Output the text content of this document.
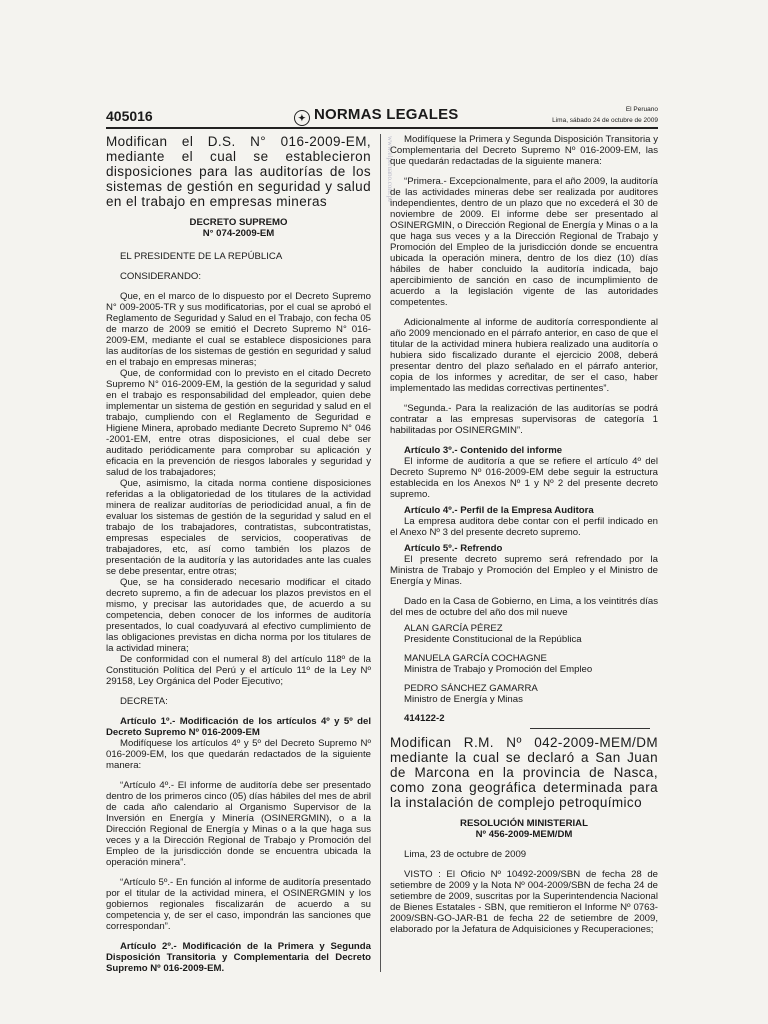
405016	✦ NORMAS LEGALES	El Peruano
Lima, sábado 24 de octubre de 2009
www.elperuano.com.pe
Modifican el D.S. N° 016-2009-EM, mediante el cual se establecieron disposiciones para las auditorías de los sistemas de gestión en seguridad y salud en el trabajo en empresas mineras
DECRETO SUPREMO
N° 074-2009-EM

EL PRESIDENTE DE LA REPÚBLICA

CONSIDERANDO:

Que, en el marco de lo dispuesto por el Decreto Supremo N° 009-2005-TR y sus modificatorias, por el cual se aprobó el Reglamento de Seguridad y Salud en el Trabajo, con fecha 05 de marzo de 2009 se emitió el Decreto Supremo N° 016-2009-EM, mediante el cual se establece disposiciones para las auditorías de los sistemas de gestión en seguridad y salud en el trabajo en empresas mineras;

Que, de conformidad con lo previsto en el citado Decreto Supremo N° 016-2009-EM, la gestión de la seguridad y salud en el trabajo es responsabilidad del empleador, quien debe implementar un sistema de gestión en seguridad y salud en el trabajo, cumpliendo con el Reglamento de Seguridad e Higiene Minera, aprobado mediante Decreto Supremo N° 046 -2001-EM, entre otras disposiciones, el cual debe ser auditado periódicamente para comprobar su aplicación y eficacia en la prevención de riesgos laborales y seguridad y salud de los trabajadores;

Que, asimismo, la citada norma contiene disposiciones referidas a la obligatoriedad de los titulares de la actividad minera de realizar auditorías de periodicidad anual, a fin de evaluar los sistemas de gestión de la seguridad y salud en el trabajo de los trabajadores, contratistas, subcontratistas, empresas especiales de servicios, cooperativas de trabajadores, etc, así como también los plazos de presentación de la auditoría y las autoridades ante las cuales se debe presentar, entre otras;

Que, se ha considerado necesario modificar el citado decreto supremo, a fin de adecuar los plazos previstos en el mismo, y precisar las autoridades que, de acuerdo a su competencia, deben conocer de los informes de auditoría presentados, lo cual coadyuvará al efectivo cumplimiento de las obligaciones previstas en dicha norma por los titulares de la actividad minera;

De conformidad con el numeral 8) del artículo 118º de la Constitución Política del Perú y el artículo 11º de la Ley Nº 29158, Ley Orgánica del Poder Ejecutivo;

DECRETA:

Artículo 1º.- Modificación de los artículos 4º y 5º del Decreto Supremo Nº 016-2009-EM

Modifíquese los artículos 4º y 5º del Decreto Supremo Nº 016-2009-EM, los que quedarán redactados de la siguiente manera:

“Artículo 4º.- El informe de auditoría debe ser presentado dentro de los primeros cinco (05) días hábiles del mes de abril de cada año calendario al Organismo Supervisor de la Inversión en Energía y Minería (OSINERGMIN), o a la Dirección Regional de Energía y Minas o a la que haga sus veces y a la Dirección Regional de Trabajo y Promoción del Empleo de la jurisdicción donde se encuentra ubicada la operación minera”.

“Artículo 5º.- En función al informe de auditoría presentado por el titular de la actividad minera, el OSINERGMIN y los gobiernos regionales fiscalizarán de acuerdo a su competencia y, de ser el caso, impondrán las sanciones que correspondan”.

Artículo 2º.- Modificación de la Primera y Segunda Disposición Transitoria y Complementaria del Decreto Supremo Nº 016-2009-EM.

Modifíquese la Primera y Segunda Disposición Transitoria y Complementaria del Decreto Supremo Nº 016-2009-EM, las que quedarán redactadas de la siguiente manera:

“Primera.- Excepcionalmente, para el año 2009, la auditoría de las actividades mineras debe ser realizada por auditores independientes, dentro de un plazo que no excederá el 30 de noviembre de 2009. El informe debe ser presentado al OSINERGMIN, o Dirección Regional de Energía y Minas o a la que haga sus veces y a la Dirección Regional de Trabajo y Promoción del Empleo de la jurisdicción donde se encuentra ubicada la operación minera, dentro de los diez (10) días hábiles de haber concluido la auditoría indicada, bajo apercibimiento de sanción en caso de incumplimiento de acuerdo a la legislación vigente de las autoridades competentes.

Adicionalmente al informe de auditoría correspondiente al año 2009 mencionado en el párrafo anterior, en caso de que el titular de la actividad minera hubiera realizado una auditoría o hubiera sido fiscalizado durante el ejercicio 2008, deberá presentar dentro del plazo señalado en el párrafo anterior, copia de los informes y acreditar, de ser el caso, haber implementado las medidas correctivas pertinentes”.

“Segunda.- Para la realización de las auditorías se podrá contratar a las empresas supervisoras de categoría 1 habilitadas por OSINERGMIN”.

Artículo 3º.- Contenido del informe

El informe de auditoría a que se refiere el artículo 4º del Decreto Supremo Nº 016-2009-EM debe seguir la estructura establecida en los Anexos Nº 1 y Nº 2 del presente decreto supremo.

Artículo 4º.- Perfil de la Empresa Auditora

La empresa auditora debe contar con el perfil indicado en el Anexo Nº 3 del presente decreto supremo.

Artículo 5º.- Refrendo

El presente decreto supremo será refrendado por la Ministra de Trabajo y Promoción del Empleo y el Ministro de Energía y Minas.

Dado en la Casa de Gobierno, en Lima, a los veintitrés días del mes de octubre del año dos mil nueve

ALAN GARCÍA PÉREZ
Presidente Constitucional de la República
MANUELA GARCÍA COCHAGNE
Ministra de Trabajo y Promoción del Empleo
PEDRO SÁNCHEZ GAMARRA
Ministro de Energía y Minas
414122-2
Modifican R.M. Nº 042-2009-MEM/DM mediante la cual se declaró a San Juan de Marcona en la provincia de Nasca, como zona geográfica determinada para la instalación de complejo petroquímico
RESOLUCIÓN MINISTERIAL
Nº 456-2009-MEM/DM

Lima, 23 de octubre de 2009

VISTO : El Oficio Nº 10492-2009/SBN de fecha 28 de setiembre de 2009 y la Nota Nº 004-2009/SBN de fecha 24 de setiembre de 2009, suscritas por la Superintendencia Nacional de Bienes Estatales - SBN, que remitieron el Informe Nº 0763-2009/SBN-GO-JAR-B1 de fecha 22 de setiembre de 2009, elaborado por la Jefatura de Adquisiciones y Recuperaciones;
